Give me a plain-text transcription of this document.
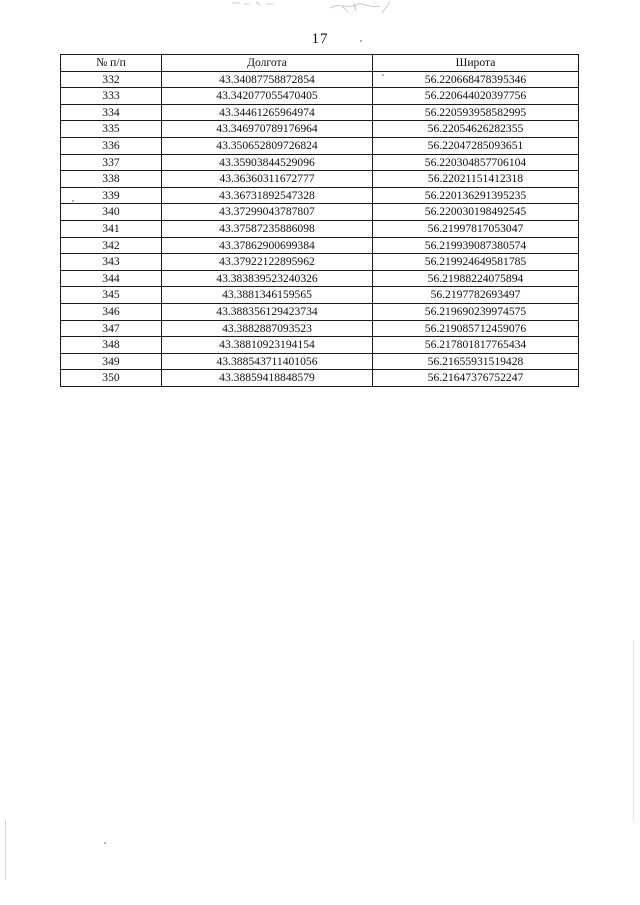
17
№ п/п	Долгота	Широта
332	43.34087758872854	56.2206684783953​46
333	43.342077055470405	56.220644020397756
334	43.34461265964974	56.220593958582995
335	43.346970789176964	56.22054626282355
336	43.350652809726824	56.22047285093651
337	43.35903844529096	56.220304857706104
338	43.36360311672777	56.22021151412318
339	43.36731892547328	56.220136291395235
340	43.37299043787807	56.220030198492545
341	43.37587235886098	56.21997817053047
342	43.37862900699384	56.219939087380574
343	43.37922122895962	56.219924649581785
344	43.383839523240326	56.21988224075894
345	43.3881346159565	56.2197782693497
346	43.388356129423734	56.219690239974575
347	43.3882887093523	56.219085712459076
348	43.38810923194154	56.217801817765434
349	43.388543711401056	56.21655931519428
350	43.38859418848579	56.21647376752247
